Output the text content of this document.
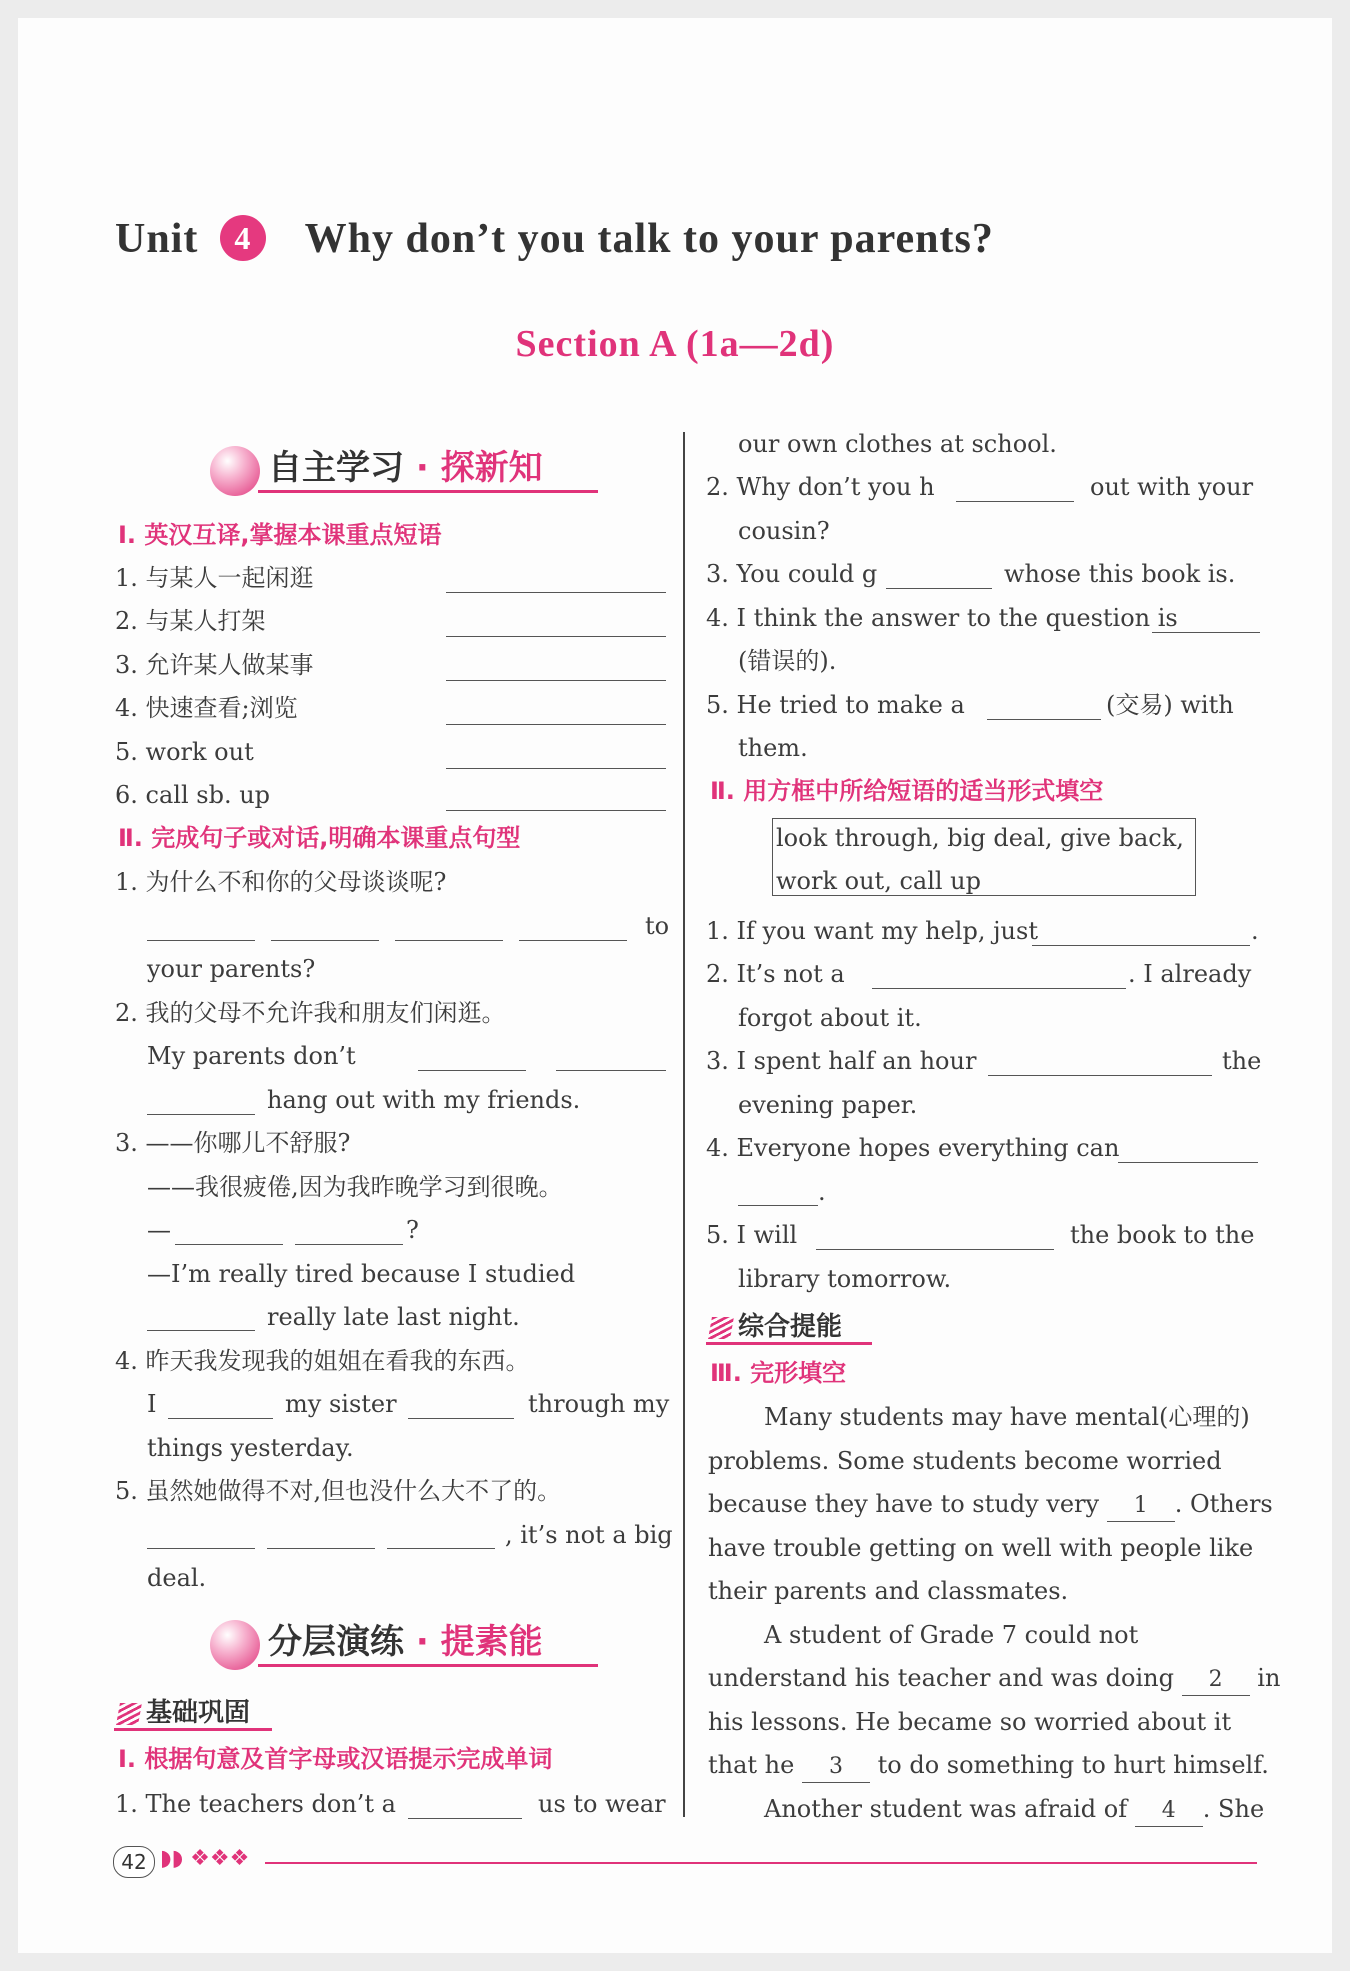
Unit 4 Why don’t you talk to your parents?
Section A (1a—2d)
自主学习 · 探新知
Ⅰ. 英汉互译,掌握本课重点短语
1. 与某人一起闲逛
2. 与某人打架
3. 允许某人做某事
4. 快速查看;浏览
5. work out
6. call sb. up
Ⅱ. 完成句子或对话,明确本课重点句型
1. 为什么不和你的父母谈谈呢?
to
your parents?
2. 我的父母不允许我和朋友们闲逛。
My parents don’t
hang out with my friends.
3. ——你哪儿不舒服?
——我很疲倦,因为我昨晚学习到很晚。
—	?
—I’m really tired because I studied
really late last night.
4. 昨天我发现我的姐姐在看我的东西。
I	my sister	through my
things yesterday.
5. 虽然她做得不对,但也没什么大不了的。
, it’s not a big
deal.
分层演练 · 提素能
基础巩固
Ⅰ. 根据句意及首字母或汉语提示完成单词
1. The teachers don’t a	us to wear
our own clothes at school.
2. Why don’t you h	out with your
cousin?
3. You could g	whose this book is.
4. I think the answer to the question is
(错误的).
5. He tried to make a	(交易) with
them.
Ⅱ. 用方框中所给短语的适当形式填空
look through, big deal, give back,
work out, call up
1. If you want my help, just	.
2. It’s not a	. I already
forgot about it.
3. I spent half an hour	the
evening paper.
4. Everyone hopes everything can
.
5. I will	the book to the
library tomorrow.
综合提能
Ⅲ. 完形填空
Many students may have mental(心理的)
problems. Some students become worried
because they have to study very 1 . Others
have trouble getting on well with people like
their parents and classmates.
A student of Grade 7 could not
understand his teacher and was doing 2 in
his lessons. He became so worried about it
that he 3 to do something to hurt himself.
Another student was afraid of 4 . She
42 ◗◗ ❖❖❖
